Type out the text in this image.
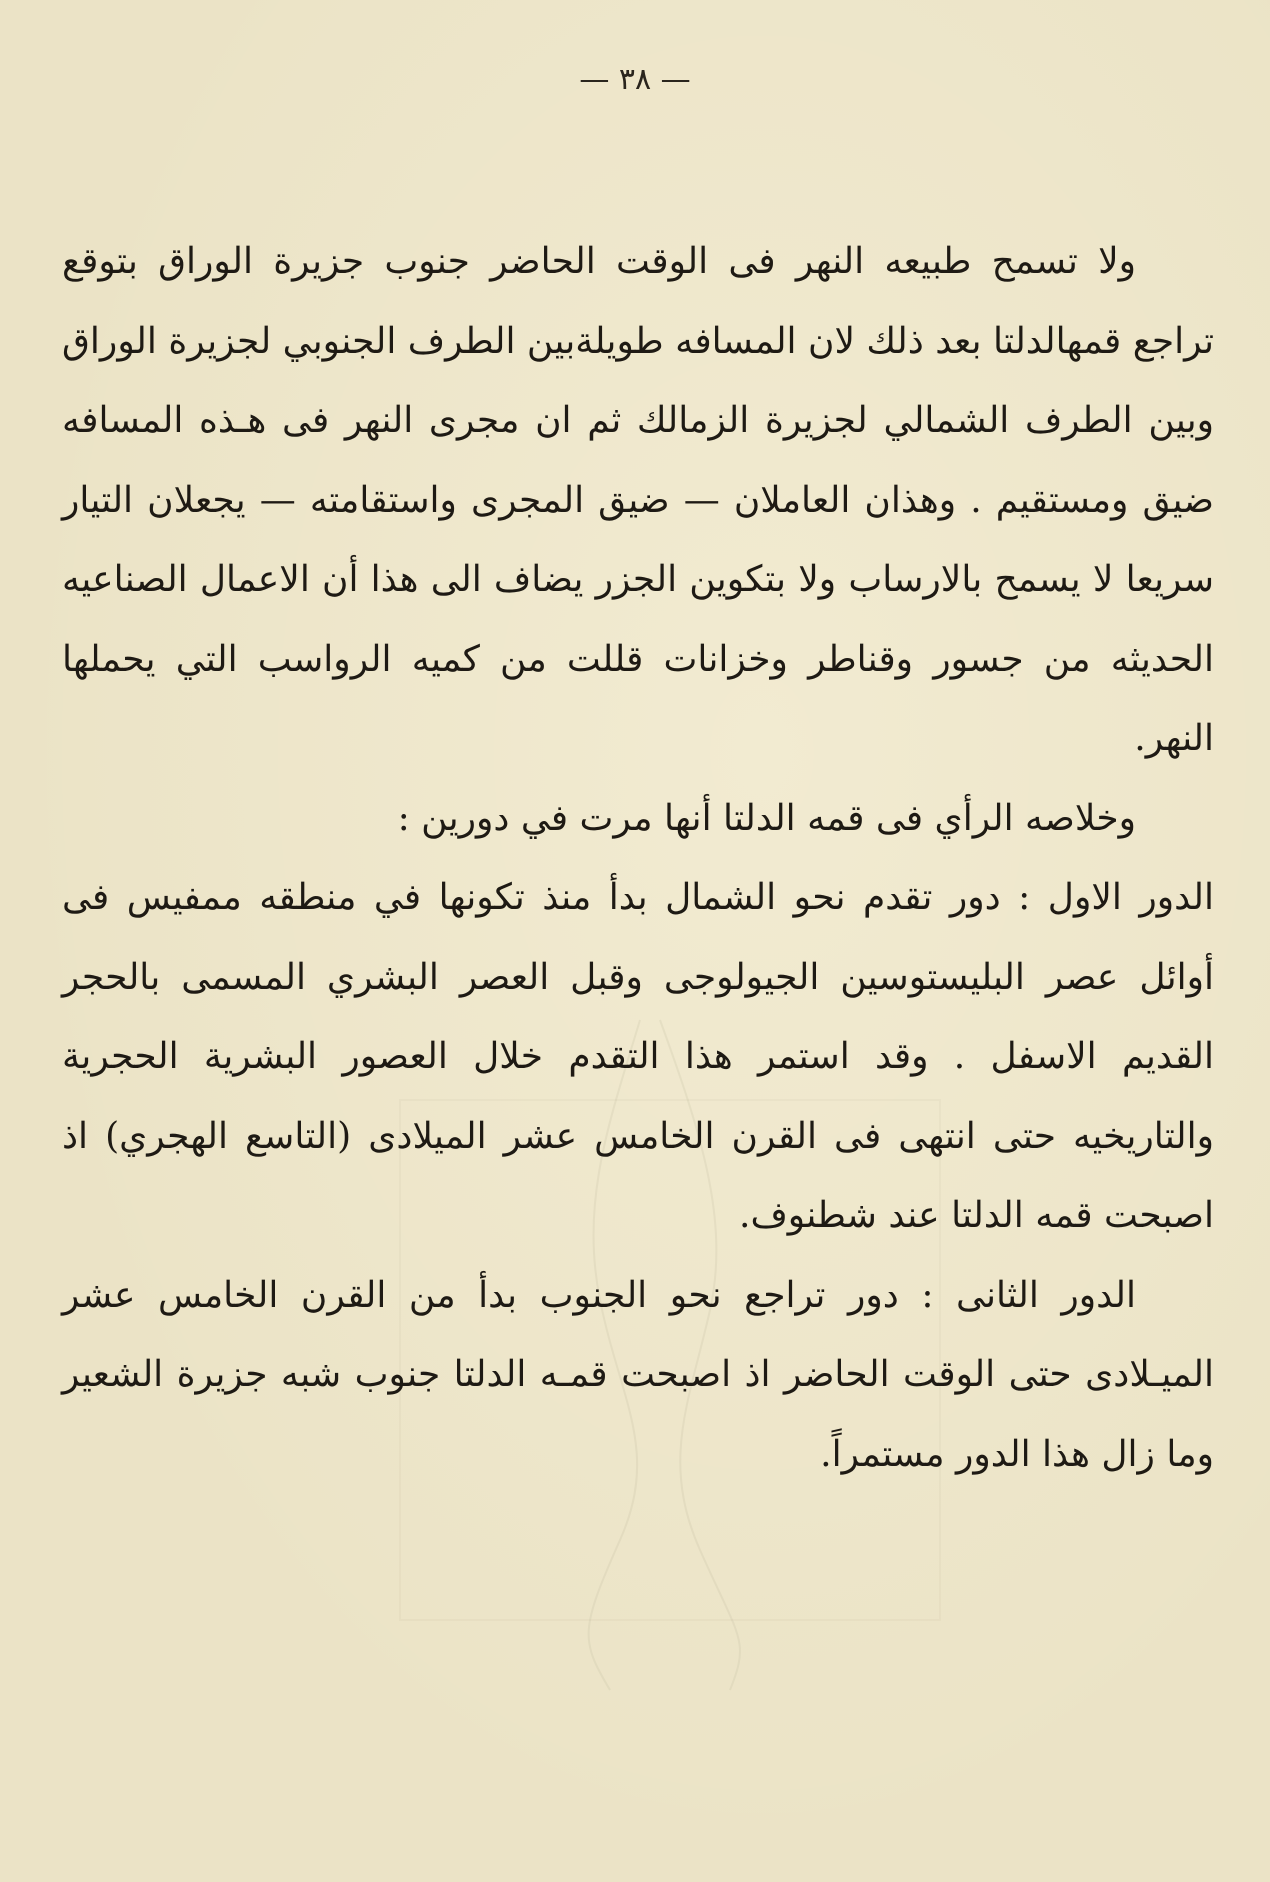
— ٣٨ —

ولا تسمح طبيعه النهر فى الوقت الحاضر جنوب جزيرة الوراق بتوقع تراجع قمهالدلتا بعد ذلك لان المسافه طويلةبين الطرف الجنوبي لجزيرة الوراق وبين الطرف الشمالي لجزيرة الزمالك ثم ان مجرى النهر فى هـذه المسافه ضيق ومستقيم . وهذان العاملان — ضيق المجرى واستقامته — يجعلان التيار سريعا لا يسمح بالارساب ولا بتكوين الجزر يضاف الى هذا أن الاعمال الصناعيه الحديثه من جسور وقناطر وخزانات قللت من كميه الرواسب التي يحملها النهر.

وخلاصه الرأي فى قمه الدلتا أنها مرت في دورين :

الدور الاول : دور تقدم نحو الشمال بدأ منذ تكونها في منطقه ممفيس فى أوائل عصر البليستوسين الجيولوجى وقبل العصر البشري المسمى بالحجر القديم الاسفل . وقد استمر هذا التقدم خلال العصور البشرية الحجرية والتاريخيه حتى انتهى فى القرن الخامس عشر الميلادى (التاسع الهجري) اذ اصبحت قمه الدلتا عند شطنوف.

الدور الثانى : دور تراجع نحو الجنوب بدأ من القرن الخامس عشر الميـلادى حتى الوقت الحاضر اذ اصبحت قمـه الدلتا جنوب شبه جزيرة الشعير وما زال هذا الدور مستمراً.
